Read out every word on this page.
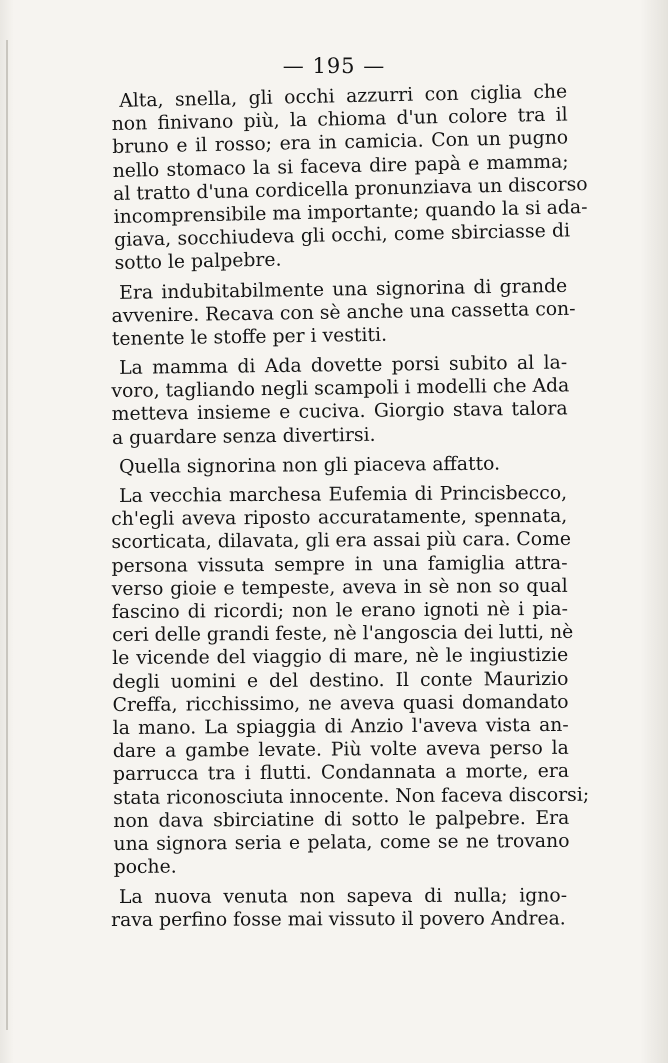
— 195 —
Alta, snella, gli occhi azzurri con ciglia che
non finivano più, la chioma d'un colore tra il
bruno e il rosso; era in camicia. Con un pugno
nello stomaco la si faceva dire papà e mamma;
al tratto d'una cordicella pronunziava un discorso
incomprensibile ma importante; quando la si ada-
giava, socchiudeva gli occhi, come sbirciasse di
sotto le palpebre.
Era indubitabilmente una signorina di grande
avvenire. Recava con sè anche una cassetta con-
tenente le stoffe per i vestiti.
La mamma di Ada dovette porsi subito al la-
voro, tagliando negli scampoli i modelli che Ada
metteva insieme e cuciva. Giorgio stava talora
a guardare senza divertirsi.
Quella signorina non gli piaceva affatto.
La vecchia marchesa Eufemia di Princisbecco,
ch'egli aveva riposto accuratamente, spennata,
scorticata, dilavata, gli era assai più cara. Come
persona vissuta sempre in una famiglia attra-
verso gioie e tempeste, aveva in sè non so qual
fascino di ricordi; non le erano ignoti nè i pia-
ceri delle grandi feste, nè l'angoscia dei lutti, nè
le vicende del viaggio di mare, nè le ingiustizie
degli uomini e del destino. Il conte Maurizio
Creffa, ricchissimo, ne aveva quasi domandato
la mano. La spiaggia di Anzio l'aveva vista an-
dare a gambe levate. Più volte aveva perso la
parrucca tra i flutti. Condannata a morte, era
stata riconosciuta innocente. Non faceva discorsi;
non dava sbirciatine di sotto le palpebre. Era
una signora seria e pelata, come se ne trovano
poche.
La nuova venuta non sapeva di nulla; igno-
rava perfino fosse mai vissuto il povero Andrea.
